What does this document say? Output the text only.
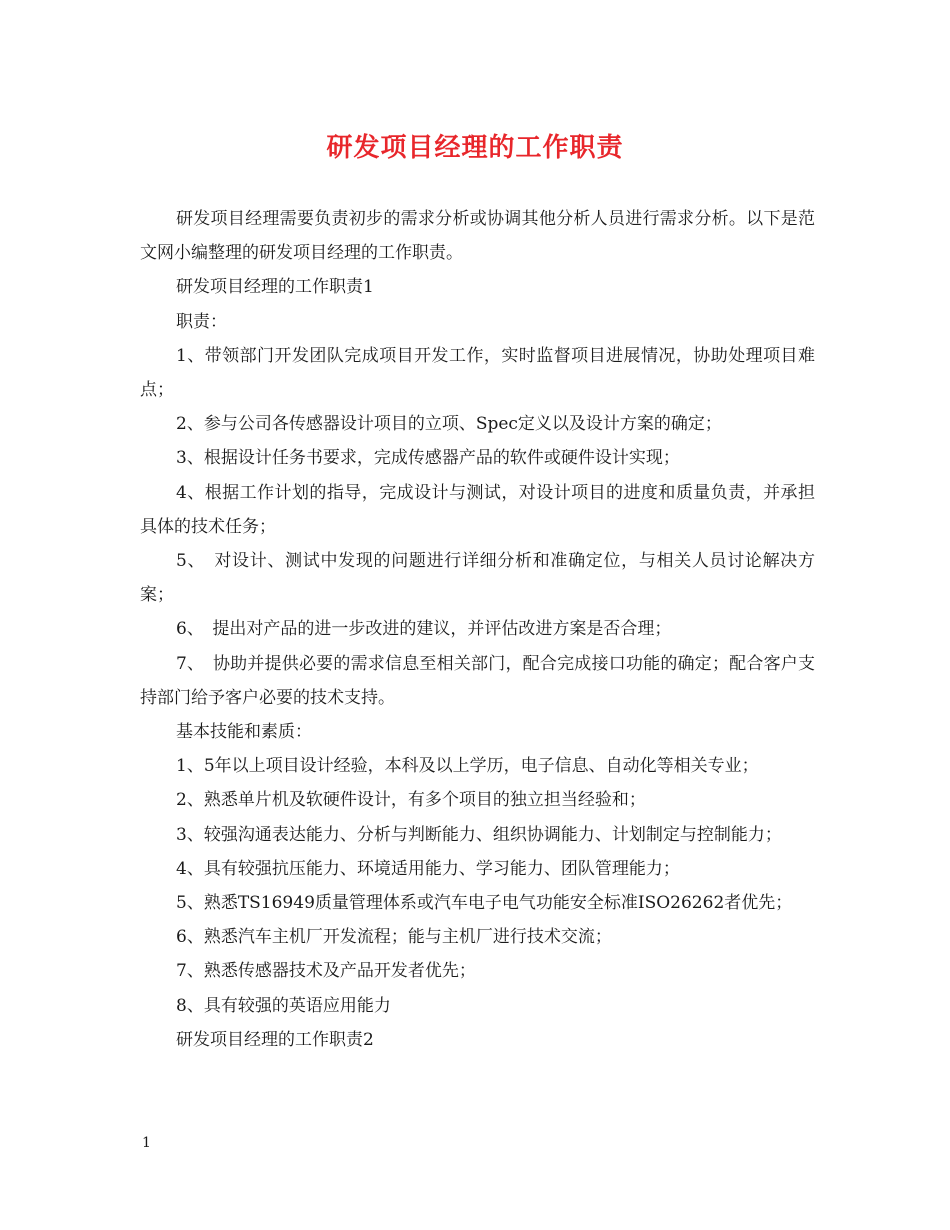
研发项目经理的工作职责

研发项目经理需要负责初步的需求分析或协调其他分析人员进行需求分析。以下是范文网小编整理的研发项目经理的工作职责。

研发项目经理的工作职责1

职责：

1、带领部门开发团队完成项目开发工作，实时监督项目进展情况，协助处理项目难点；

2、参与公司各传感器设计项目的立项、Spec定义以及设计方案的确定；

3、根据设计任务书要求，完成传感器产品的软件或硬件设计实现；

4、根据工作计划的指导，完成设计与测试，对设计项目的进度和质量负责，并承担具体的技术任务；

5、　对设计、测试中发现的问题进行详细分析和准确定位，与相关人员讨论解决方案；

6、　提出对产品的进一步改进的建议，并评估改进方案是否合理；

7、　协助并提供必要的需求信息至相关部门，配合完成接口功能的确定；配合客户支持部门给予客户必要的技术支持。

基本技能和素质：

1、5年以上项目设计经验，本科及以上学历，电子信息、自动化等相关专业；

2、熟悉单片机及软硬件设计，有多个项目的独立担当经验和；

3、较强沟通表达能力、分析与判断能力、组织协调能力、计划制定与控制能力；

4、具有较强抗压能力、环境适用能力、学习能力、团队管理能力；

5、熟悉TS16949质量管理体系或汽车电子电气功能安全标准ISO26262者优先；

6、熟悉汽车主机厂开发流程；能与主机厂进行技术交流；

7、熟悉传感器技术及产品开发者优先；

8、具有较强的英语应用能力

研发项目经理的工作职责2

1
